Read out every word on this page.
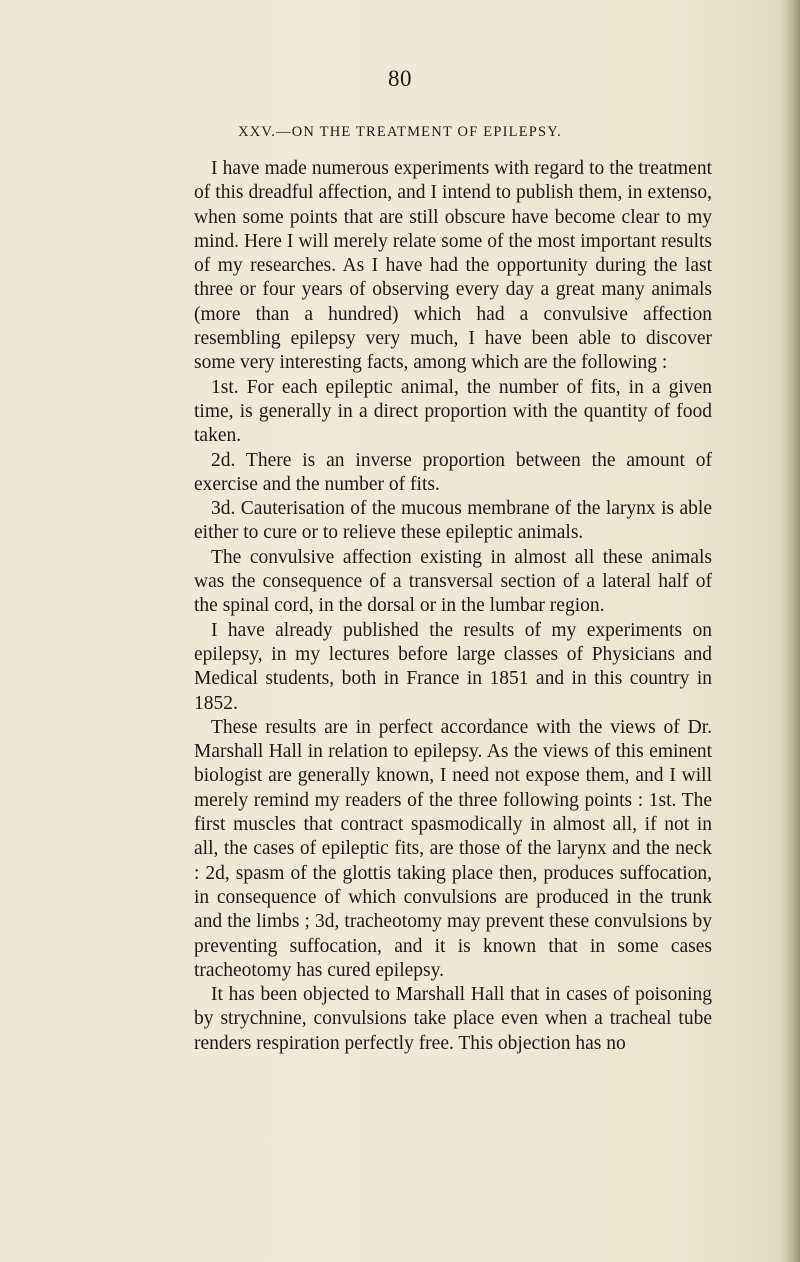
80
XXV.—ON THE TREATMENT OF EPILEPSY.

I have made numerous experiments with regard to the treatment of this dreadful affection, and I intend to publish them, in extenso, when some points that are still obscure have become clear to my mind. Here I will merely relate some of the most important results of my researches. As I have had the opportunity during the last three or four years of observing every day a great many animals (more than a hundred) which had a convulsive affection resembling epilepsy very much, I have been able to discover some very interesting facts, among which are the following :

1st. For each epileptic animal, the number of fits, in a given time, is generally in a direct proportion with the quantity of food taken.

2d. There is an inverse proportion between the amount of exercise and the number of fits.

3d. Cauterisation of the mucous membrane of the larynx is able either to cure or to relieve these epileptic animals.

The convulsive affection existing in almost all these animals was the consequence of a transversal section of a lateral half of the spinal cord, in the dorsal or in the lumbar region.

I have already published the results of my experiments on epilepsy, in my lectures before large classes of Physicians and Medical students, both in France in 1851 and in this country in 1852.

These results are in perfect accordance with the views of Dr. Marshall Hall in relation to epilepsy. As the views of this eminent biologist are generally known, I need not expose them, and I will merely remind my readers of the three following points : 1st. The first muscles that contract spasmodically in almost all, if not in all, the cases of epileptic fits, are those of the larynx and the neck : 2d, spasm of the glottis taking place then, produces suffocation, in consequence of which convulsions are produced in the trunk and the limbs ; 3d, tracheotomy may prevent these convulsions by preventing suffocation, and it is known that in some cases tracheotomy has cured epilepsy.

It has been objected to Marshall Hall that in cases of poisoning by strychnine, convulsions take place even when a tracheal tube renders respiration perfectly free. This objection has no
